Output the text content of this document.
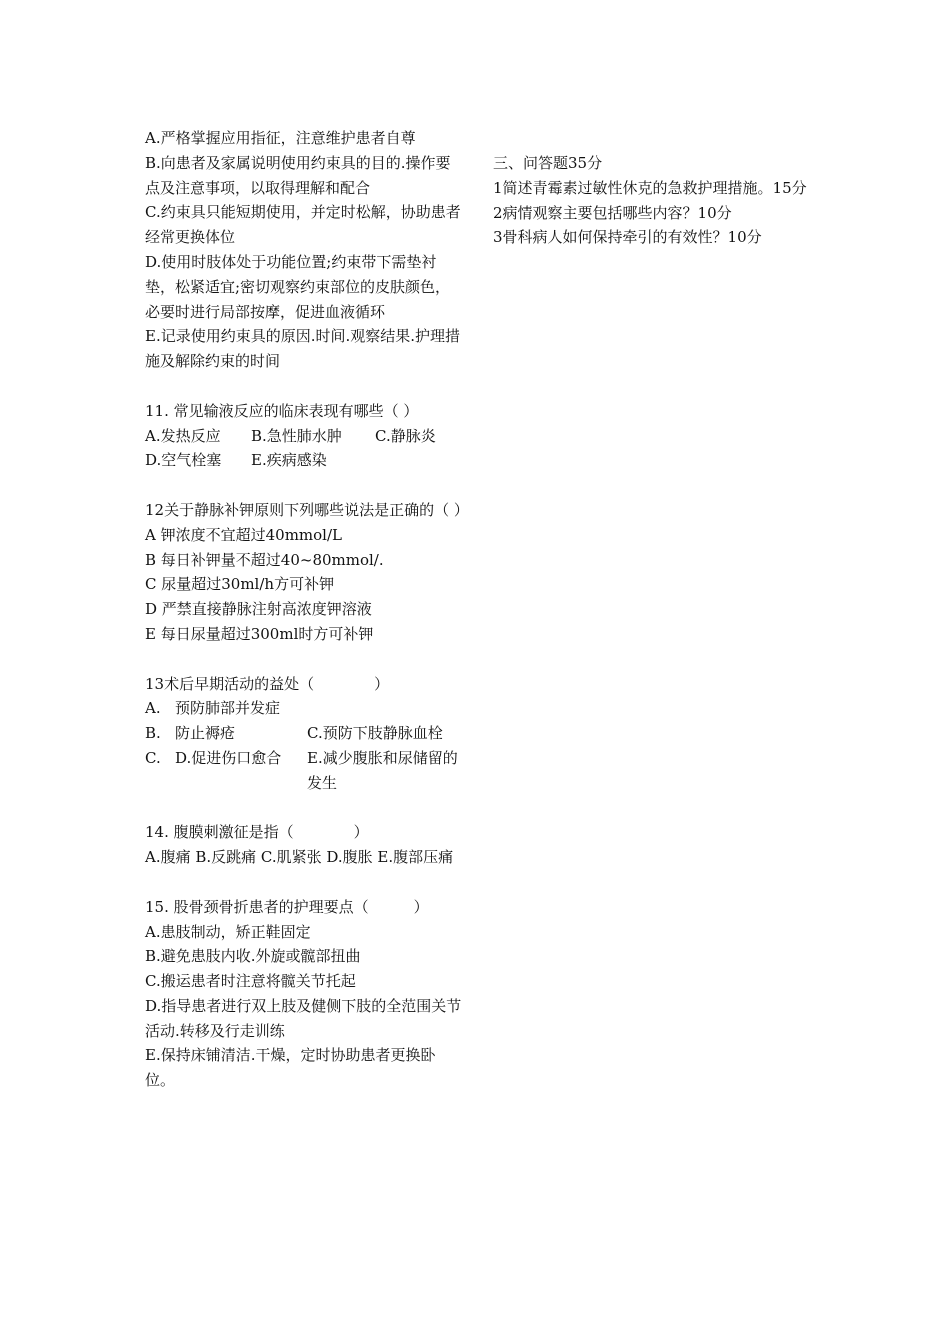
A.严格掌握应用指征，注意维护患者自尊

B.向患者及家属说明使用约束具的目的.操作要点及注意事项，以取得理解和配合

C.约束具只能短期使用，并定时松解，协助患者经常更换体位

D.使用时肢体处于功能位置;约束带下需垫衬垫，松紧适宜;密切观察约束部位的皮肤颜色，必要时进行局部按摩，促进血液循环

E.记录使用约束具的原因.时间.观察结果.护理措施及解除约束的时间

11. 常见输液反应的临床表现有哪些（ ）

A.发热反应	B.急性肺水肿	C.静脉炎
D.空气栓塞	E.疾病感染

12关于静脉补钾原则下列哪些说法是正确的（ ）

A 钾浓度不宜超过40mmol/L

B 每日补钾量不超过40~80mmol/.

C 尿量超过30ml/h方可补钾

D 严禁直接静脉注射高浓度钾溶液

E 每日尿量超过300ml时方可补钾

13术后早期活动的益处（　　　　）

A. 预防肺部并发症
B. 防止褥疮	C.预防下肢静脉血栓
C. D.促进伤口愈合	E.减少腹胀和尿储留的发生

14. 腹膜刺激征是指（　　　　）

A.腹痛 B.反跳痛 C.肌紧张 D.腹胀 E.腹部压痛

15. 股骨颈骨折患者的护理要点（　　　）

A.患肢制动，矫正鞋固定

B.避免患肢内收.外旋或髋部扭曲

C.搬运患者时注意将髋关节托起

D.指导患者进行双上肢及健侧下肢的全范围关节活动.转移及行走训练

E.保持床铺清洁.干燥，定时协助患者更换卧位。

三、问答题35分

1简述青霉素过敏性休克的急救护理措施。15分

2病情观察主要包括哪些内容？10分

3骨科病人如何保持牵引的有效性？10分
